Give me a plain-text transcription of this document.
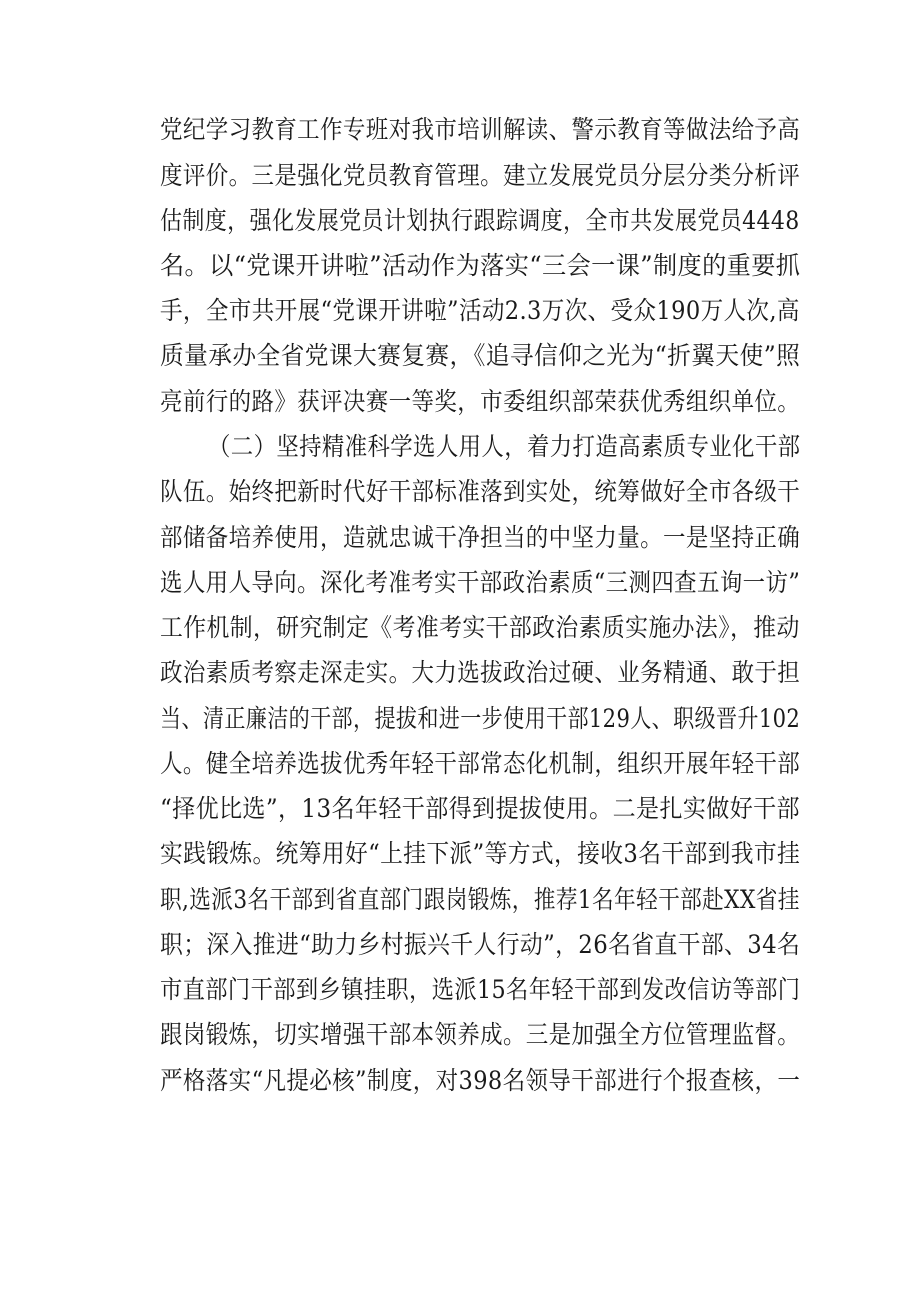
党纪学习教育工作专班对我市培训解读、警示教育等做法给予高
度评价。三是强化党员教育管理。建立发展党员分层分类分析评
估制度，强化发展党员计划执行跟踪调度，全市共发展党员4448
名。以“党课开讲啦”活动作为落实“三会一课”制度的重要抓
手，全市共开展“党课开讲啦”活动2.3万次、受众190万人次,高
质量承办全省党课大赛复赛，《追寻信仰之光为“折翼天使”照
亮前行的路》获评决赛一等奖，市委组织部荣获优秀组织单位。
（二）坚持精准科学选人用人，着力打造高素质专业化干部
队伍。始终把新时代好干部标准落到实处，统筹做好全市各级干
部储备培养使用，造就忠诚干净担当的中坚力量。一是坚持正确
选人用人导向。深化考准考实干部政治素质“三测四查五询一访”
工作机制，研究制定《考准考实干部政治素质实施办法》，推动
政治素质考察走深走实。大力选拔政治过硬、业务精通、敢于担
当、清正廉洁的干部，提拔和进一步使用干部129人、职级晋升102
人。健全培养选拔优秀年轻干部常态化机制，组织开展年轻干部
“择优比选”，13名年轻干部得到提拔使用。二是扎实做好干部
实践锻炼。统筹用好“上挂下派”等方式，接收3名干部到我市挂
职,选派3名干部到省直部门跟岗锻炼，推荐1名年轻干部赴XX省挂
职；深入推进“助力乡村振兴千人行动”，26名省直干部、34名
市直部门干部到乡镇挂职，选派15名年轻干部到发改信访等部门
跟岗锻炼，切实增强干部本领养成。三是加强全方位管理监督。
严格落实“凡提必核”制度，对398名领导干部进行个报查核，一
